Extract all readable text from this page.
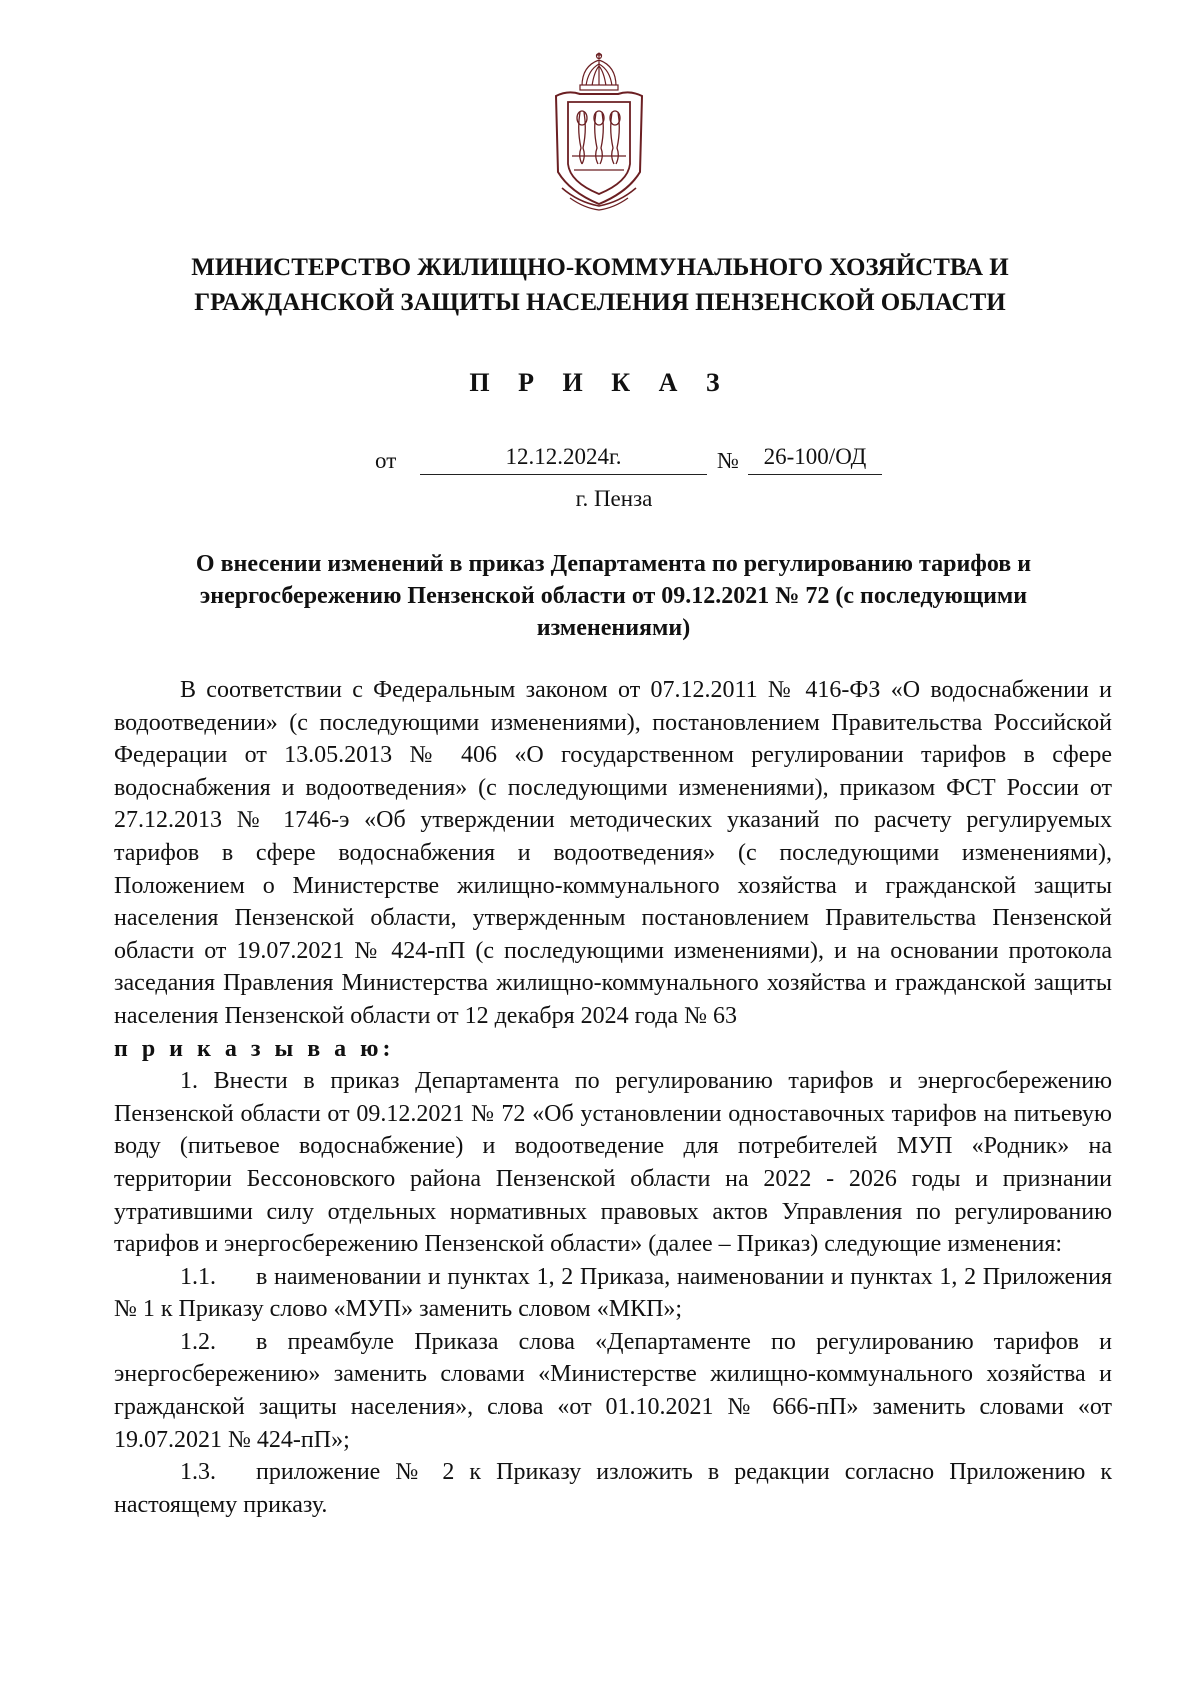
МИНИСТЕРСТВО ЖИЛИЩНО-КОММУНАЛЬНОГО ХОЗЯЙСТВА И
ГРАЖДАНСКОЙ ЗАЩИТЫ НАСЕЛЕНИЯ ПЕНЗЕНСКОЙ ОБЛАСТИ
П Р И К А З
от	12.12.2024г.	№	26-100/ОД
г. Пенза
О внесении изменений в приказ Департамента по регулированию тарифов и
энергосбережению Пензенской области от 09.12.2021 № 72 (с последующими
изменениями)

В соответствии с Федеральным законом от 07.12.2011 № 416-ФЗ «О водоснабжении и водоотведении» (с последующими изменениями), постановлением Правительства Российской Федерации от 13.05.2013 № 406 «О государственном регулировании тарифов в сфере водоснабжения и водоотведения» (с последующими изменениями), приказом ФСТ России от 27.12.2013 № 1746-э «Об утверждении методических указаний по расчету регулируемых тарифов в сфере водоснабжения и водоотведения» (с последующими изменениями), Положением о Министерстве жилищно-коммунального хозяйства и гражданской защиты населения Пензенской области, утвержденным постановлением Правительства Пензенской области от 19.07.2021 № 424-пП (с последующими изменениями), и на основании протокола заседания Правления Министерства жилищно-коммунального хозяйства и гражданской защиты населения Пензенской области от 12 декабря 2024 года № 63

п р и к а з ы в а ю:

1. Внести в приказ Департамента по регулированию тарифов и энергосбережению Пензенской области от 09.12.2021 № 72 «Об установлении одноставочных тарифов на питьевую воду (питьевое водоснабжение) и водоотведение для потребителей МУП «Родник» на территории Бессоновского района Пензенской области на 2022 - 2026 годы и признании утратившими силу отдельных нормативных правовых актов Управления по регулированию тарифов и энергосбережению Пензенской области» (далее – Приказ) следующие изменения:

1.1. в наименовании и пунктах 1, 2 Приказа, наименовании и пунктах 1, 2 Приложения № 1 к Приказу слово «МУП» заменить словом «МКП»;

1.2. в преамбуле Приказа слова «Департаменте по регулированию тарифов и энергосбережению» заменить словами «Министерстве жилищно-коммунального хозяйства и гражданской защиты населения», слова «от 01.10.2021 № 666-пП» заменить словами «от 19.07.2021 № 424-пП»;

1.3. приложение № 2 к Приказу изложить в редакции согласно Приложению к настоящему приказу.
